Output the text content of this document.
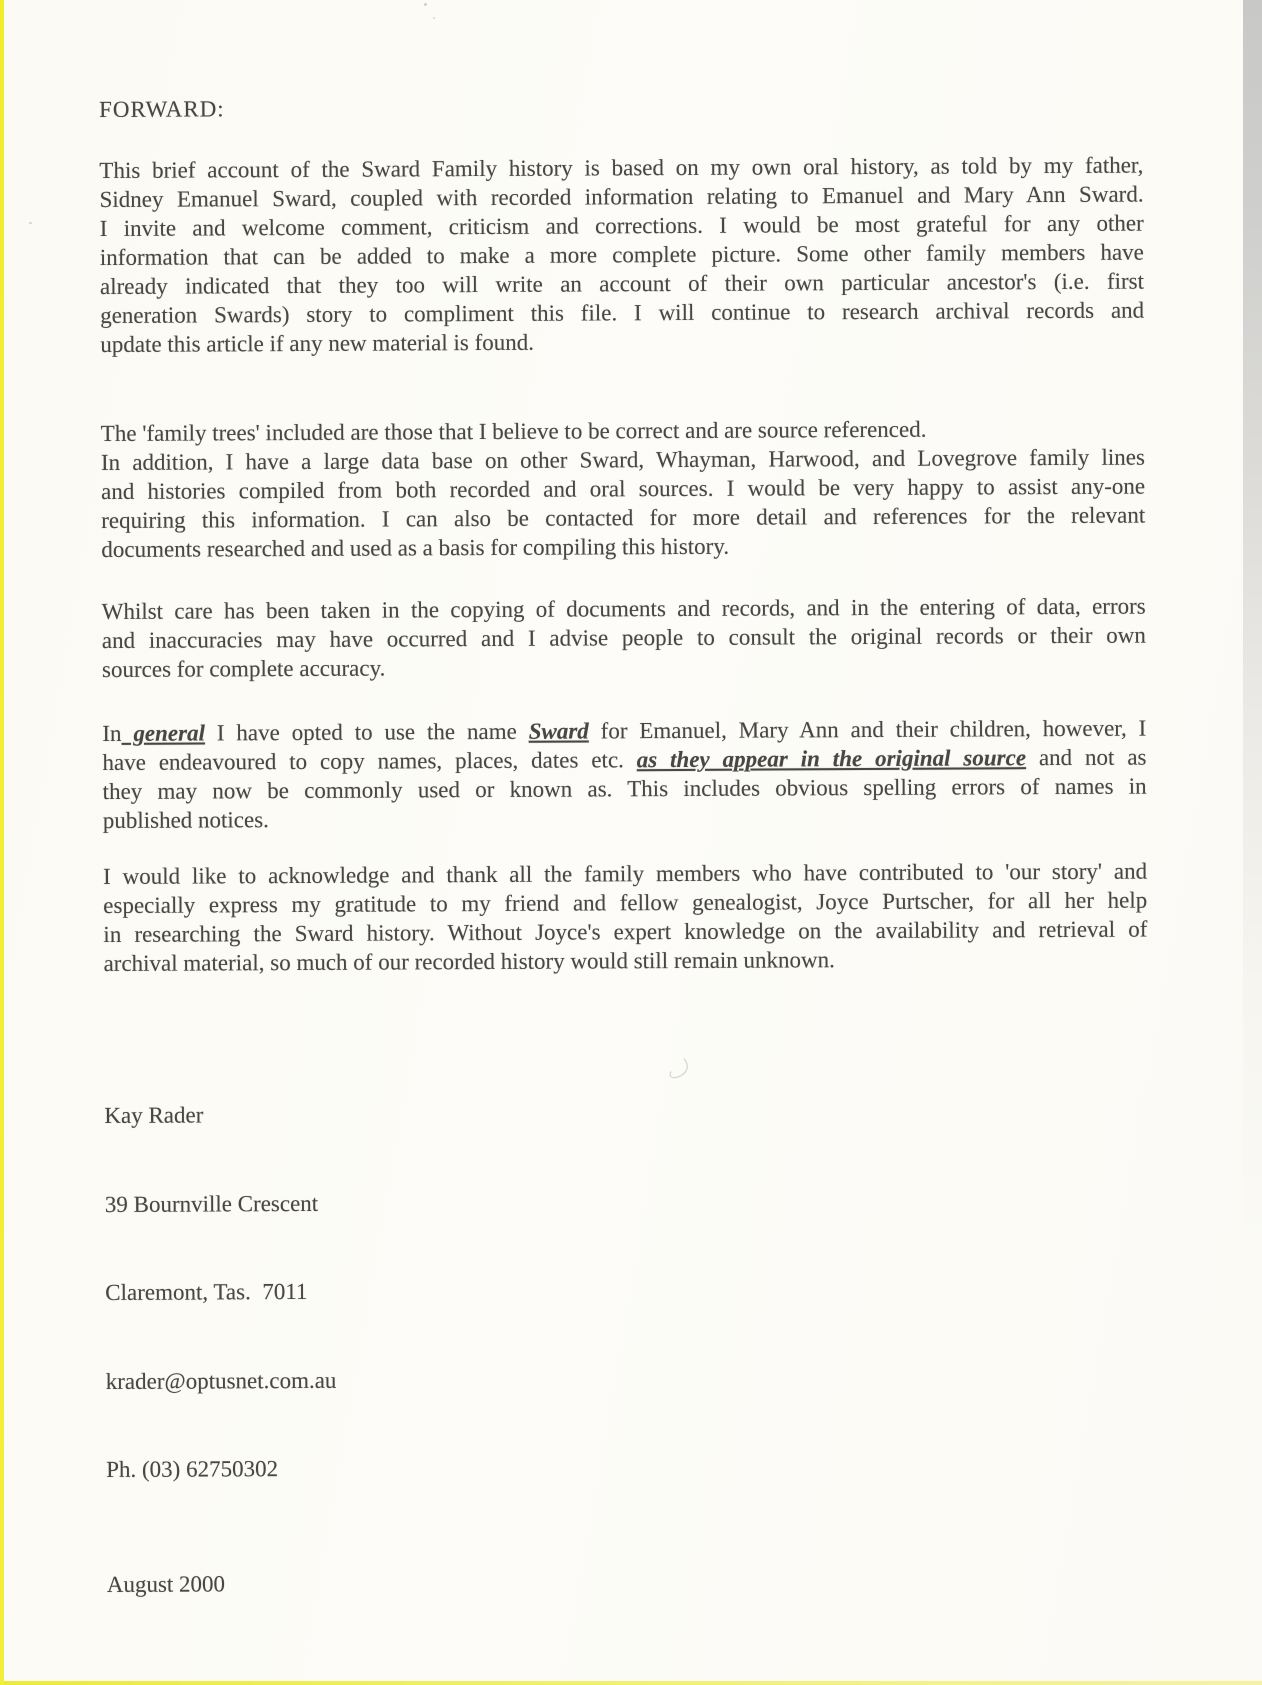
FORWARD:
This brief account of the Sward Family history is based on my own oral history, as told by my father,
Sidney Emanuel Sward, coupled with recorded information relating to Emanuel and Mary Ann Sward.
I invite and welcome comment, criticism and corrections. I would be most grateful for any other
information that can be added to make a more complete picture. Some other family members have
already indicated that they too will write an account of their own particular ancestor's (i.e. first
generation Swards) story to compliment this file. I will continue to research archival records and
update this article if any new material is found.
The 'family trees' included are those that I believe to be correct and are source referenced.
In addition, I have a large data base on other Sward, Whayman, Harwood, and Lovegrove family lines
and histories compiled from both recorded and oral sources. I would be very happy to assist any-one
requiring this information. I can also be contacted for more detail and references for the relevant
documents researched and used as a basis for compiling this history.
Whilst care has been taken in the copying of documents and records, and in the entering of data, errors
and inaccuracies may have occurred and I advise people to consult the original records or their own
sources for complete accuracy.
In general I have opted to use the name Sward for Emanuel, Mary Ann and their children, however, I
have endeavoured to copy names, places, dates etc. as they appear in the original source and not as
they may now be commonly used or known as. This includes obvious spelling errors of names in
published notices.
I would like to acknowledge and thank all the family members who have contributed to 'our story' and
especially express my gratitude to my friend and fellow genealogist, Joyce Purtscher, for all her help
in researching the Sward history. Without Joyce's expert knowledge on the availability and retrieval of
archival material, so much of our recorded history would still remain unknown.

Kay Rader

39 Bournville Crescent

Claremont, Tas.  7011

krader@optusnet.com.au

Ph. (03) 62750302

August 2000
